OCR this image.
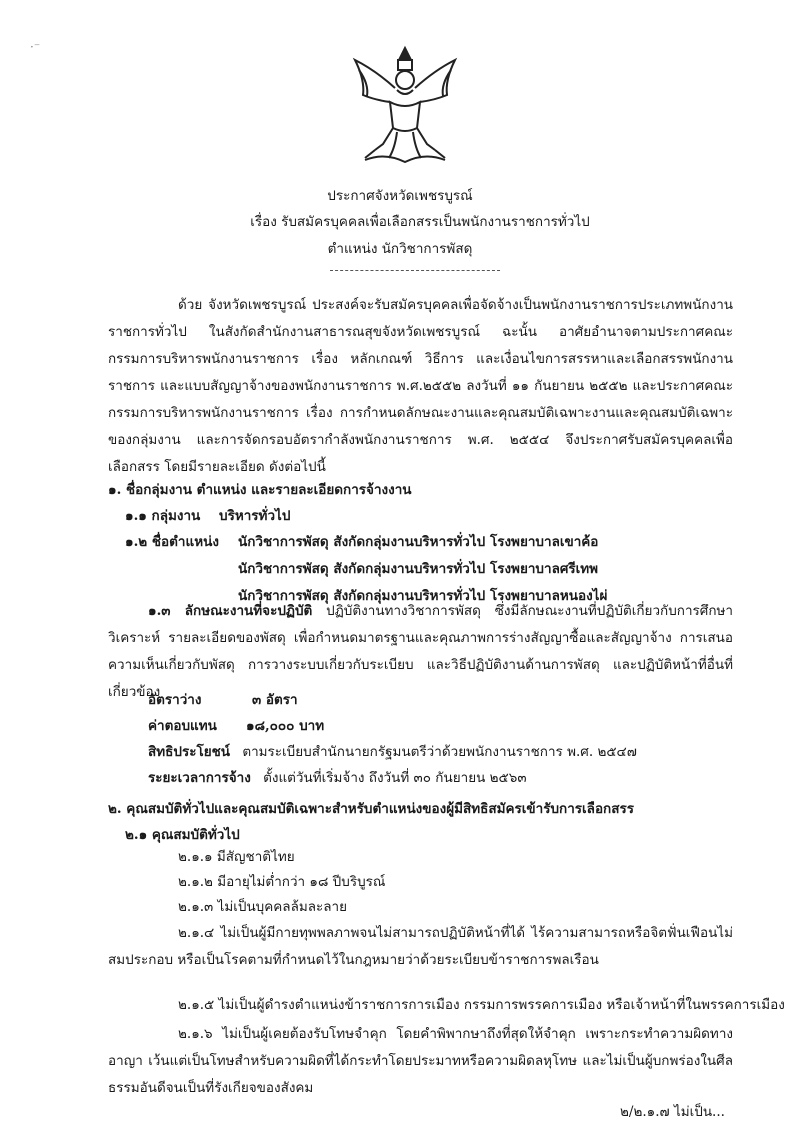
·⁻
ประกาศจังหวัดเพชรบูรณ์
เรื่อง รับสมัครบุคคลเพื่อเลือกสรรเป็นพนักงานราชการทั่วไป
ตำแหน่ง นักวิชาการพัสดุ
ด้วย จังหวัดเพชรบูรณ์ ประสงค์จะรับสมัครบุคคลเพื่อจัดจ้างเป็นพนักงานราชการประเภทพนักงานราชการทั่วไป ในสังกัดสำนักงานสาธารณสุขจังหวัดเพชรบูรณ์ ฉะนั้น อาศัยอำนาจตามประกาศคณะกรรมการบริหารพนักงานราชการ เรื่อง หลักเกณฑ์ วิธีการ และเงื่อนไขการสรรหาและเลือกสรรพนักงานราชการ และแบบสัญญาจ้างของพนักงานราชการ พ.ศ.๒๕๕๒ ลงวันที่ ๑๑ กันยายน ๒๕๕๒ และประกาศคณะกรรมการบริหารพนักงานราชการ เรื่อง การกำหนดลักษณะงานและคุณสมบัติเฉพาะงานและคุณสมบัติเฉพาะของกลุ่มงาน และการจัดกรอบอัตรากำลังพนักงานราชการ พ.ศ. ๒๕๕๔ จึงประกาศรับสมัครบุคคลเพื่อเลือกสรร โดยมีรายละเอียด ดังต่อไปนี้
๑. ชื่อกลุ่มงาน ตำแหน่ง และรายละเอียดการจ้างงาน
๑.๑ กลุ่มงาน บริหารทั่วไป
๑.๒ ชื่อตำแหน่ง นักวิชาการพัสดุ สังกัดกลุ่มงานบริหารทั่วไป โรงพยาบาลเขาค้อ
นักวิชาการพัสดุ สังกัดกลุ่มงานบริหารทั่วไป โรงพยาบาลศรีเทพ
นักวิชาการพัสดุ สังกัดกลุ่มงานบริหารทั่วไป โรงพยาบาลหนองไผ่
๑.๓ ลักษณะงานที่จะปฏิบัติ ปฏิบัติงานทางวิชาการพัสดุ ซึ่งมีลักษณะงานที่ปฏิบัติเกี่ยวกับการศึกษา วิเคราะห์ รายละเอียดของพัสดุ เพื่อกำหนดมาตรฐานและคุณภาพการร่างสัญญาซื้อและสัญญาจ้าง การเสนอความเห็นเกี่ยวกับพัสดุ การวางระบบเกี่ยวกับระเบียบ และวิธีปฏิบัติงานด้านการพัสดุ และปฏิบัติหน้าที่อื่นที่เกี่ยวข้อง
อัตราว่าง	๓ อัตรา
ค่าตอบแทน ๑๘,๐๐๐ บาท
สิทธิประโยชน์ ตามระเบียบสำนักนายกรัฐมนตรีว่าด้วยพนักงานราชการ พ.ศ. ๒๕๔๗
ระยะเวลาการจ้าง ตั้งแต่วันที่เริ่มจ้าง ถึงวันที่ ๓๐ กันยายน ๒๕๖๓
๒. คุณสมบัติทั่วไปและคุณสมบัติเฉพาะสำหรับตำแหน่งของผู้มีสิทธิสมัครเข้ารับการเลือกสรร
๒.๑ คุณสมบัติทั่วไป
๒.๑.๑ มีสัญชาติไทย
๒.๑.๒ มีอายุไม่ต่ำกว่า ๑๘ ปีบริบูรณ์
๒.๑.๓ ไม่เป็นบุคคลล้มละลาย
๒.๑.๔ ไม่เป็นผู้มีกายทุพพลภาพจนไม่สามารถปฏิบัติหน้าที่ได้ ไร้ความสามารถหรือจิตฟั่นเฟือนไม่สมประกอบ หรือเป็นโรคตามที่กำหนดไว้ในกฎหมายว่าด้วยระเบียบข้าราชการพลเรือน
๒.๑.๕ ไม่เป็นผู้ดำรงตำแหน่งข้าราชการการเมือง กรรมการพรรคการเมือง หรือเจ้าหน้าที่ในพรรคการเมือง
๒.๑.๖ ไม่เป็นผู้เคยต้องรับโทษจำคุก โดยคำพิพากษาถึงที่สุดให้จำคุก เพราะกระทำความผิดทางอาญา เว้นแต่เป็นโทษสำหรับความผิดที่ได้กระทำโดยประมาทหรือความผิดลหุโทษ และไม่เป็นผู้บกพร่องในศีลธรรมอันดีจนเป็นที่รังเกียจของสังคม
๒/๒.๑.๗ ไม่เป็น...
